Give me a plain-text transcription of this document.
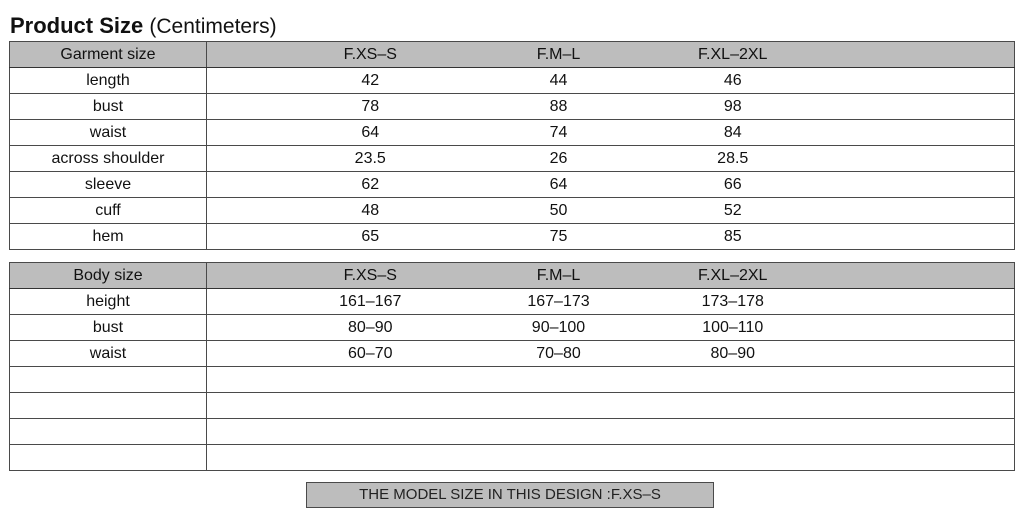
Product Size (Centimeters)
Garment size	F.XS–S	F.M–L	F.XL–2XL

length	42	44	46

bust	78	88	98

waist	64	74	84

across shoulder	23.5	26	28.5

sleeve	62	64	66

cuff	48	50	52

hem	65	75	85
Body size	F.XS–S	F.M–L	F.XL–2XL

height	161–167	167–173	173–178

bust	80–90	90–100	100–110

waist	60–70	70–80	80–90

THE MODEL SIZE IN THIS DESIGN :F.XS–S
